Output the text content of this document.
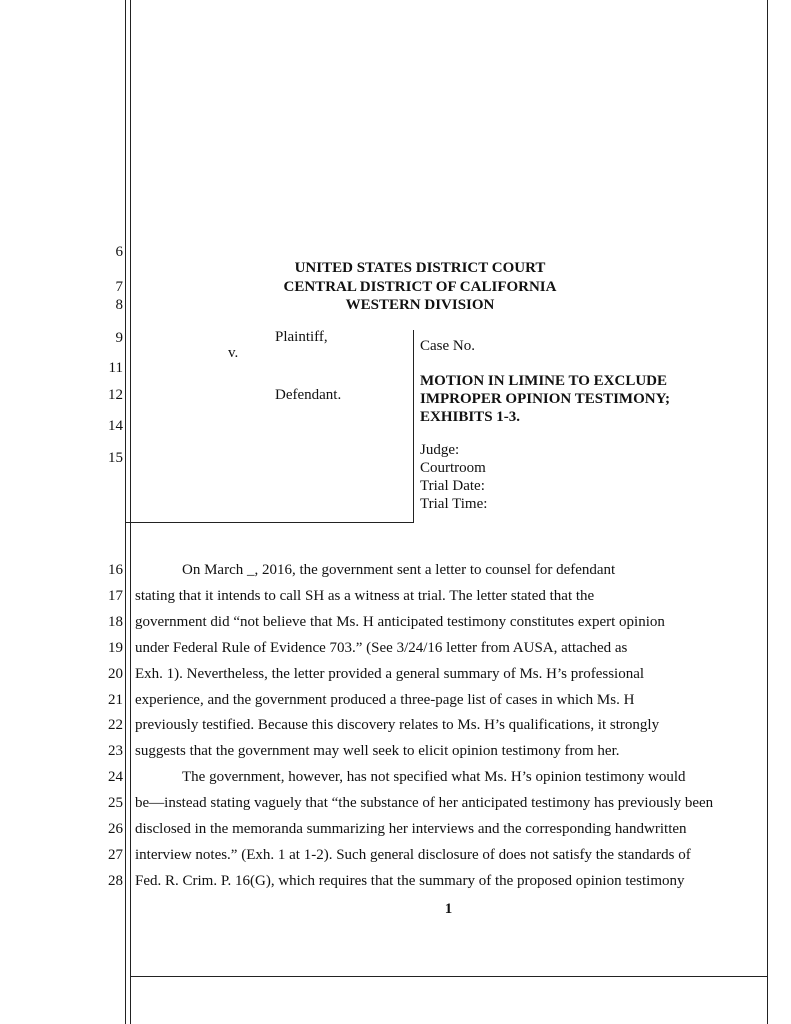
6
7
8
9
11
12
14
15
UNITED STATES DISTRICT COURT
CENTRAL DISTRICT OF CALIFORNIA
WESTERN DIVISION
Plaintiff,
v.
Defendant.
Case No.
MOTION IN LIMINE TO EXCLUDE
IMPROPER OPINION TESTIMONY;
EXHIBITS 1-3.
Judge:
Courtroom
Trial Date:
Trial Time:
16
17
18
19
20
21
22
23
24
25
26
27
28
On March _, 2016, the government sent a letter to counsel for defendant
stating that it intends to call SH as a witness at trial. The letter stated that the
government did “not believe that Ms. H anticipated testimony constitutes expert opinion
under Federal Rule of Evidence 703.” (See 3/24/16 letter from AUSA, attached as
Exh. 1). Nevertheless, the letter provided a general summary of Ms. H’s professional
experience, and the government produced a three-page list of cases in which Ms. H
previously testified. Because this discovery relates to Ms. H’s qualifications, it strongly
suggests that the government may well seek to elicit opinion testimony from her.
The government, however, has not specified what Ms. H’s opinion testimony would
be—instead stating vaguely that “the substance of her anticipated testimony has previously been
disclosed in the memoranda summarizing her interviews and the corresponding handwritten
interview notes.” (Exh. 1 at 1-2). Such general disclosure of does not satisfy the standards of
Fed. R. Crim. P. 16(G), which requires that the summary of the proposed opinion testimony
1
